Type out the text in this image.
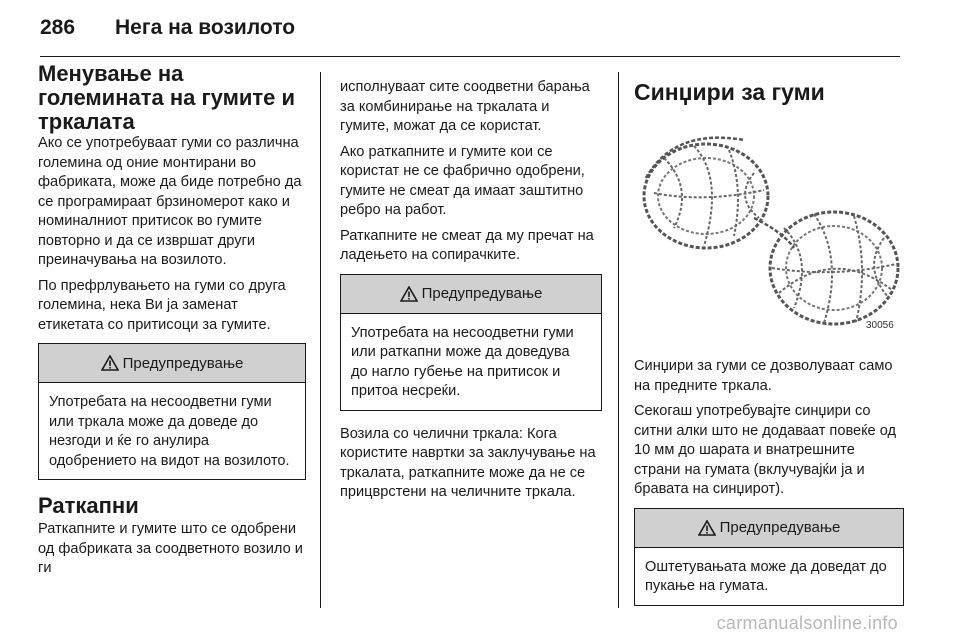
286	Нега на возилото
Менување на
големината на гумите и
тркалата

Ако се употребуваат гуми со различна големина од оние монтирани во фабриката, може да биде потребно да се програмираат брзиномерот како и номиналниот притисок во гумите повторно и да се извршат други преиначувања на возилото.

По префрлувањето на гуми со друга големина, нека Ви ја заменат етикетата со притисоци за гумите.

Предупредување

Употребата на несоодветни гуми или тркала може да доведе до незгоди и ќе го анулира одобрението на видот на возилото.

Раткапни

Раткапните и гумите што се одобрени од фабриката за соодветното возило и ги

исполнуваат сите соодветни барања за комбинирање на тркалата и гумите, можат да се користат.

Ако раткапните и гумите кои се користат не се фабрично одобрени, гумите не смеат да имаат заштитно ребро на работ.

Раткапните не смеат да му пречат на ладењето на сопирачките.

Предупредување

Употребата на несоодветни гуми или раткапни може да доведува до нагло губење на притисок и притоа несреќи.

Возила со челични тркала: Кога користите навртки за заклучување на тркалата, раткапните може да не се прицврстени на челичните тркала.

Синџири за гуми
30056

Синџири за гуми се дозволуваат само на предните тркала.

Секогаш употребувајте синџири со ситни алки што не додаваат повеќе од 10 мм до шарата и внатрешните страни на гумата (вклучувајќи ја и бравата на синџирот).

Предупредување

Оштетувањата може да доведат до пукање на гумата.

carmanualsonline.info
